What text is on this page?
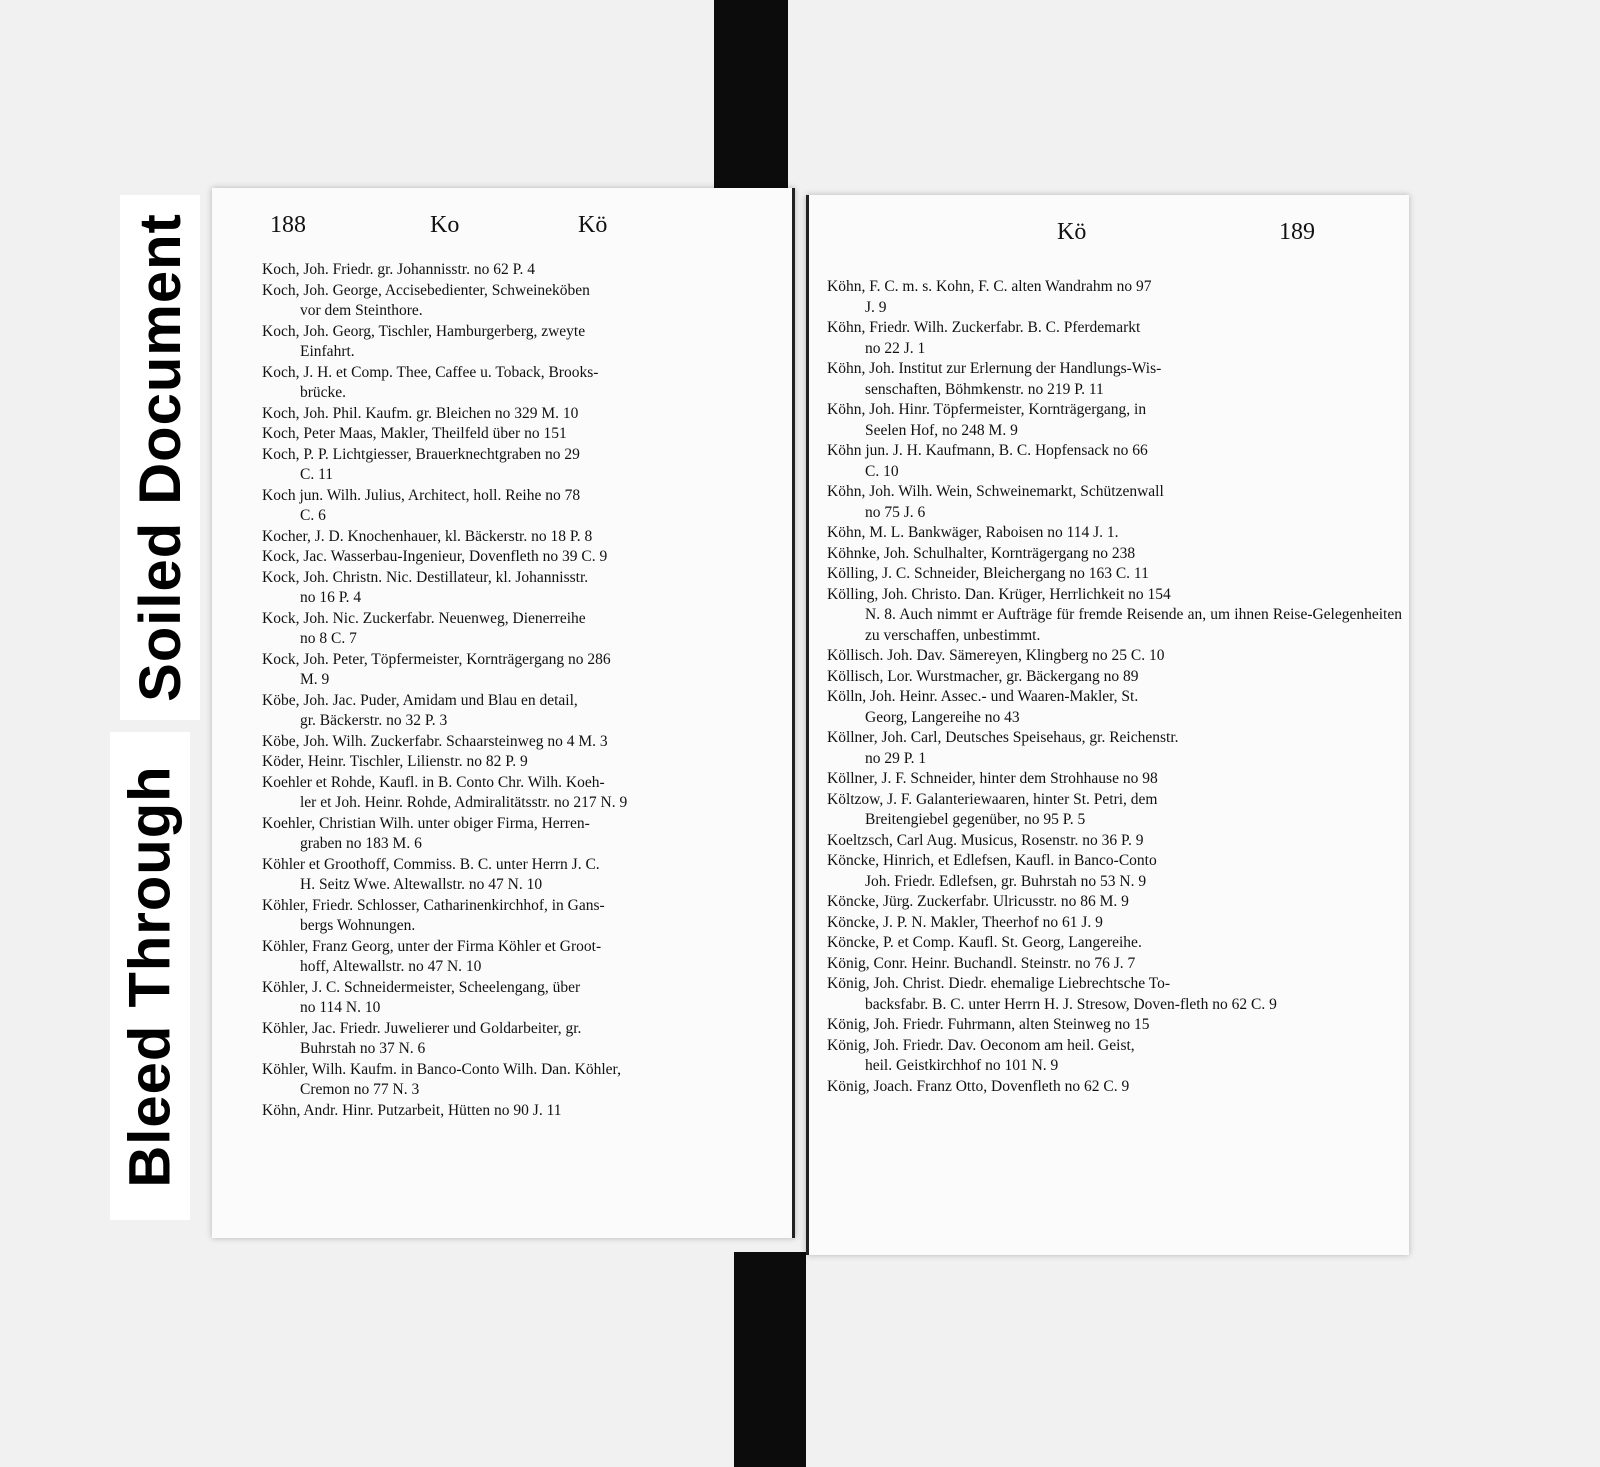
Soiled Document
Bleed Through
188	Ko	Kö

Koch, Joh. Friedr. gr. Johannisstr. no 62 P. 4

Koch, Joh. George, Accisebedienter, Schweineköben
vor dem Steinthore.

Koch, Joh. Georg, Tischler, Hamburgerberg, zweyte
Einfahrt.

Koch, J. H. et Comp. Thee, Caffee u. Toback, Brooks-
brücke.

Koch, Joh. Phil. Kaufm. gr. Bleichen no 329 M. 10

Koch, Peter Maas, Makler, Theilfeld über no 151

Koch, P. P. Lichtgiesser, Brauerknechtgraben no 29
C. 11

Koch jun. Wilh. Julius, Architect, holl. Reihe no 78
C. 6

Kocher, J. D. Knochenhauer, kl. Bäckerstr. no 18 P. 8

Kock, Jac. Wasserbau-Ingenieur, Dovenfleth no 39 C. 9

Kock, Joh. Christn. Nic. Destillateur, kl. Johannisstr.
no 16 P. 4

Kock, Joh. Nic. Zuckerfabr. Neuenweg, Dienerreihe
no 8 C. 7

Kock, Joh. Peter, Töpfermeister, Kornträgergang no 286
M. 9

Köbe, Joh. Jac. Puder, Amidam und Blau en detail,
gr. Bäckerstr. no 32 P. 3

Köbe, Joh. Wilh. Zuckerfabr. Schaarsteinweg no 4 M. 3

Köder, Heinr. Tischler, Lilienstr. no 82 P. 9

Koehler et Rohde, Kaufl. in B. Conto Chr. Wilh. Koeh-
ler et Joh. Heinr. Rohde, Admiralitätsstr. no 217 N. 9

Koehler, Christian Wilh. unter obiger Firma, Herren-
graben no 183 M. 6

Köhler et Groothoff, Commiss. B. C. unter Herrn J. C.
H. Seitz Wwe. Altewallstr. no 47 N. 10

Köhler, Friedr. Schlosser, Catharinenkirchhof, in Gans-
bergs Wohnungen.

Köhler, Franz Georg, unter der Firma Köhler et Groot-
hoff, Altewallstr. no 47 N. 10

Köhler, J. C. Schneidermeister, Scheelengang, über
no 114 N. 10

Köhler, Jac. Friedr. Juwelierer und Goldarbeiter, gr.
Buhrstah no 37 N. 6

Köhler, Wilh. Kaufm. in Banco-Conto Wilh. Dan. Köhler,
Cremon no 77 N. 3

Köhn, Andr. Hinr. Putzarbeit, Hütten no 90 J. 11

Kö	189

Köhn, F. C. m. s. Kohn, F. C. alten Wandrahm no 97
J. 9

Köhn, Friedr. Wilh. Zuckerfabr. B. C. Pferdemarkt
no 22 J. 1

Köhn, Joh. Institut zur Erlernung der Handlungs-Wis-
senschaften, Böhmkenstr. no 219 P. 11

Köhn, Joh. Hinr. Töpfermeister, Kornträgergang, in
Seelen Hof, no 248 M. 9

Köhn jun. J. H. Kaufmann, B. C. Hopfensack no 66
C. 10

Köhn, Joh. Wilh. Wein, Schweinemarkt, Schützenwall
no 75 J. 6

Köhn, M. L. Bankwäger, Raboisen no 114 J. 1.

Köhnke, Joh. Schulhalter, Kornträgergang no 238

Kölling, J. C. Schneider, Bleichergang no 163 C. 11

Kölling, Joh. Christo. Dan. Krüger, Herrlichkeit no 154
N. 8. Auch nimmt er Aufträge für fremde Reisende an, um ihnen Reise-Gelegenheiten zu verschaffen, unbestimmt.

Köllisch. Joh. Dav. Sämereyen, Klingberg no 25 C. 10

Köllisch, Lor. Wurstmacher, gr. Bäckergang no 89

Kölln, Joh. Heinr. Assec.- und Waaren-Makler, St.
Georg, Langereihe no 43

Köllner, Joh. Carl, Deutsches Speisehaus, gr. Reichenstr.
no 29 P. 1

Köllner, J. F. Schneider, hinter dem Strohhause no 98

Költzow, J. F. Galanteriewaaren, hinter St. Petri, dem
Breitengiebel gegenüber, no 95 P. 5

Koeltzsch, Carl Aug. Musicus, Rosenstr. no 36 P. 9

Köncke, Hinrich, et Edlefsen, Kaufl. in Banco-Conto
Joh. Friedr. Edlefsen, gr. Buhrstah no 53 N. 9

Köncke, Jürg. Zuckerfabr. Ulricusstr. no 86 M. 9

Köncke, J. P. N. Makler, Theerhof no 61 J. 9

Köncke, P. et Comp. Kaufl. St. Georg, Langereihe.

König, Conr. Heinr. Buchandl. Steinstr. no 76 J. 7

König, Joh. Christ. Diedr. ehemalige Liebrechtsche To-
backsfabr. B. C. unter Herrn H. J. Stresow, Doven-fleth no 62 C. 9

König, Joh. Friedr. Fuhrmann, alten Steinweg no 15

König, Joh. Friedr. Dav. Oeconom am heil. Geist,
heil. Geistkirchhof no 101 N. 9

König, Joach. Franz Otto, Dovenfleth no 62 C. 9
